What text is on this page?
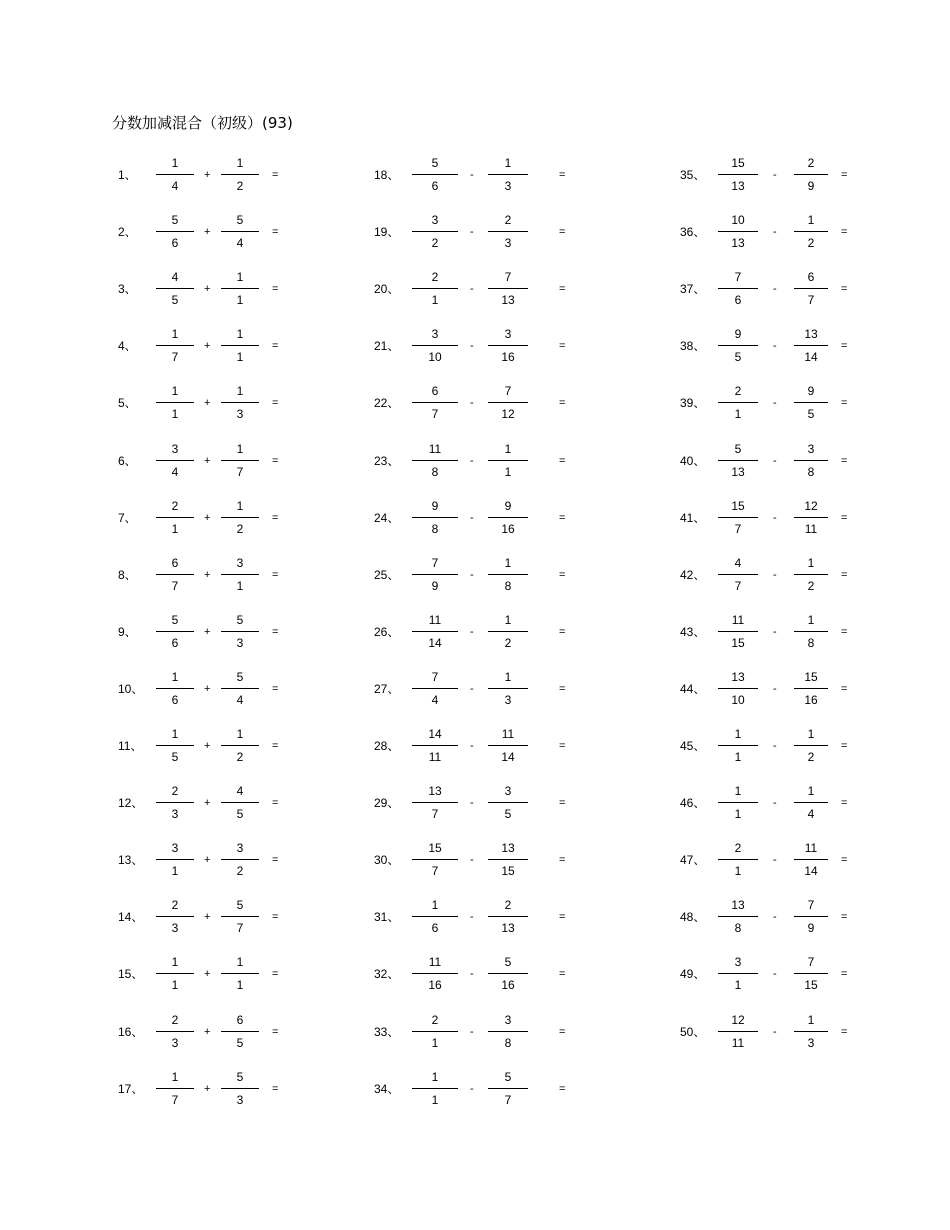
分数加减混合（初级）(93)
1、
1
4
+
1
2
=
2、
5
6
+
5
4
=
3、
4
5
+
1
1
=
4、
1
7
+
1
1
=
5、
1
1
+
1
3
=
6、
3
4
+
1
7
=
7、
2
1
+
1
2
=
8、
6
7
+
3
1
=
9、
5
6
+
5
3
=
10、
1
6
+
5
4
=
11、
1
5
+
1
2
=
12、
2
3
+
4
5
=
13、
3
1
+
3
2
=
14、
2
3
+
5
7
=
15、
1
1
+
1
1
=
16、
2
3
+
6
5
=
17、
1
7
+
5
3
=
18、
5
6
-
1
3
=
19、
3
2
-
2
3
=
20、
2
1
-
7
13
=
21、
3
10
-
3
16
=
22、
6
7
-
7
12
=
23、
11
8
-
1
1
=
24、
9
8
-
9
16
=
25、
7
9
-
1
8
=
26、
11
14
-
1
2
=
27、
7
4
-
1
3
=
28、
14
11
-
11
14
=
29、
13
7
-
3
5
=
30、
15
7
-
13
15
=
31、
1
6
-
2
13
=
32、
11
16
-
5
16
=
33、
2
1
-
3
8
=
34、
1
1
-
5
7
=
35、
15
13
-
2
9
=
36、
10
13
-
1
2
=
37、
7
6
-
6
7
=
38、
9
5
-
13
14
=
39、
2
1
-
9
5
=
40、
5
13
-
3
8
=
41、
15
7
-
12
11
=
42、
4
7
-
1
2
=
43、
11
15
-
1
8
=
44、
13
10
-
15
16
=
45、
1
1
-
1
2
=
46、
1
1
-
1
4
=
47、
2
1
-
11
14
=
48、
13
8
-
7
9
=
49、
3
1
-
7
15
=
50、
12
11
-
1
3
=
